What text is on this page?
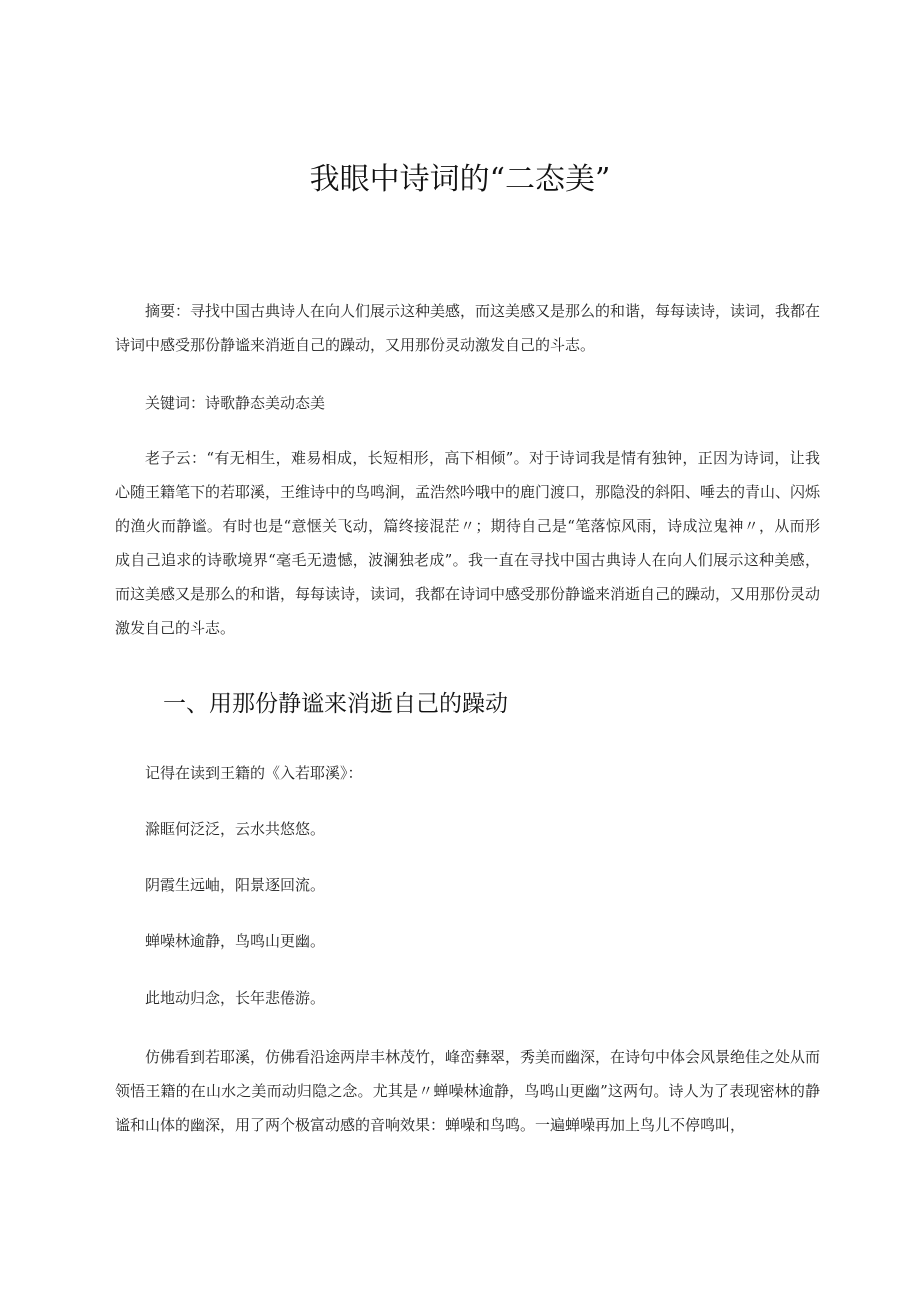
我眼中诗词的“二态美”

摘要：寻找中国古典诗人在向人们展示这种美感，而这美感又是那么的和谐，每每读诗，读词，我都在诗词中感受那份静谧来消逝自己的躁动，又用那份灵动激发自己的斗志。

关键词：诗歌静态美动态美

老子云：“有无相生，难易相成，长短相形，高下相倾”。对于诗词我是情有独钟，正因为诗词，让我心随王籍笔下的若耶溪，王维诗中的鸟鸣涧，孟浩然吟哦中的鹿门渡口，那隐没的斜阳、唾去的青山、闪烁的渔火而静谧。有时也是“意惬关飞动，篇终接混茫〃；期待自己是“笔落惊风雨，诗成泣鬼神〃，从而形成自己追求的诗歌境界“毫毛无遗憾，波澜独老成”。我一直在寻找中国古典诗人在向人们展示这种美感，而这美感又是那么的和谐，每每读诗，读词，我都在诗词中感受那份静谧来消逝自己的躁动，又用那份灵动激发自己的斗志。

一、用那份静谧来消逝自己的躁动

记得在读到王籍的《入若耶溪》：

滁眶何泛泛，云水共悠悠。

阴霞生远岫，阳景逐回流。

蝉噪林逾静，鸟鸣山更幽。

此地动归念，长年悲倦游。

仿佛看到若耶溪，仿佛看沿途两岸丰林茂竹，峰峦彝翠，秀美而幽深，在诗句中体会风景绝佳之处从而领悟王籍的在山水之美而动归隐之念。尤其是〃蝉噪林逾静，鸟鸣山更幽”这两句。诗人为了表现密林的静谧和山体的幽深，用了两个极富动感的音响效果：蝉噪和鸟鸣。一遍蝉噪再加上鸟儿不停鸣叫，
